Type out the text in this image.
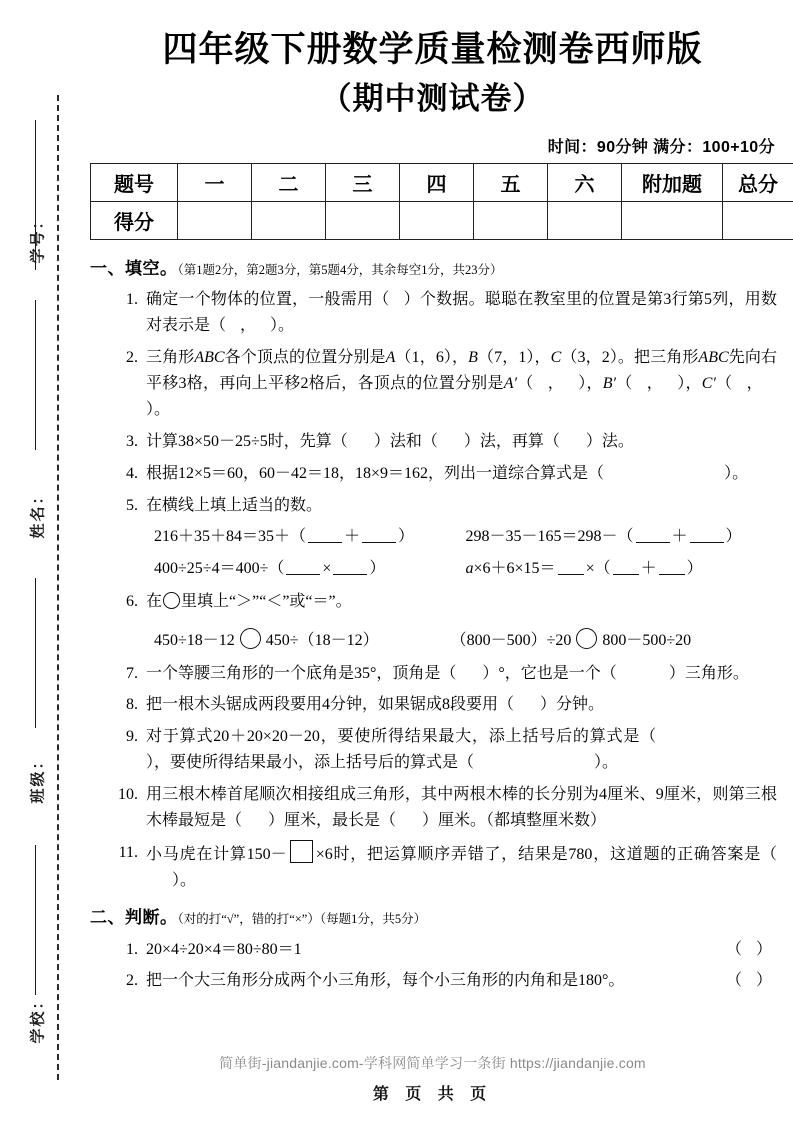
学号：
姓名：
班级：
学校：
四年级下册数学质量检测卷西师版
（期中测试卷）
时间：90分钟 满分：100+10分
题号	一	二	三	四	五	六	附加题	总分
得分								
一、填空。（第1题2分，第2题3分，第5题4分，其余每空1分，共23分）
1. 确定一个物体的位置，一般需用（ ）个数据。聪聪在教室里的位置是第3行第5列，用数对表示是（ ， ）。
2. 三角形ABC各个顶点的位置分别是A（1，6），B（7，1），C（3，2）。把三角形ABC先向右平移3格，再向上平移2格后，各顶点的位置分别是A′（ ， ），B′（ ， ），C′（ ，）。
3. 计算38×50－25÷5时，先算（ ）法和（ ）法，再算（ ）法。
4. 根据12×5＝60，60－42＝18，18×9＝162，列出一道综合算式是（	）。
5. 在横线上填上适当的数。
216＋35＋84＝35＋（ ＋ ）	298－35－165＝298－（ ＋ ）
400÷25÷4＝400÷（ × ）	a×6＋6×15＝ ×（ ＋ ）
6. 在 里填上“＞”“＜”或“＝”。
450÷18－12 450÷（18－12）	（800－500）÷20 800－500÷20
7. 一个等腰三角形的一个底角是35°，顶角是（ ）°，它也是一个（	）三角形。
8. 把一根木头锯成两段要用4分钟，如果锯成8段要用（ ）分钟。
9. 对于算式20＋20×20－20，要使所得结果最大，添上括号后的算式是（），要使所得结果最小，添上括号后的算式是（	）。
10. 用三根木棒首尾顺次相接组成三角形，其中两根木棒的长分别为4厘米、9厘米，则第三根木棒最短是（ ）厘米，最长是（ ）厘米。（都填整厘米数）
11. 小马虎在计算150－ ×6时，把运算顺序弄错了，结果是780，这道题的正确答案是（）。
二、判断。（对的打“√”，错的打“×”）（每题1分，共5分）
1.	（ ）
20×4÷20×4＝80÷80＝1
2.	（ ）
把一个大三角形分成两个小三角形，每个小三角形的内角和是180°。
简单街-jiandanjie.com-学科网简单学习一条街 https://jiandanjie.com
第 页 共 页
